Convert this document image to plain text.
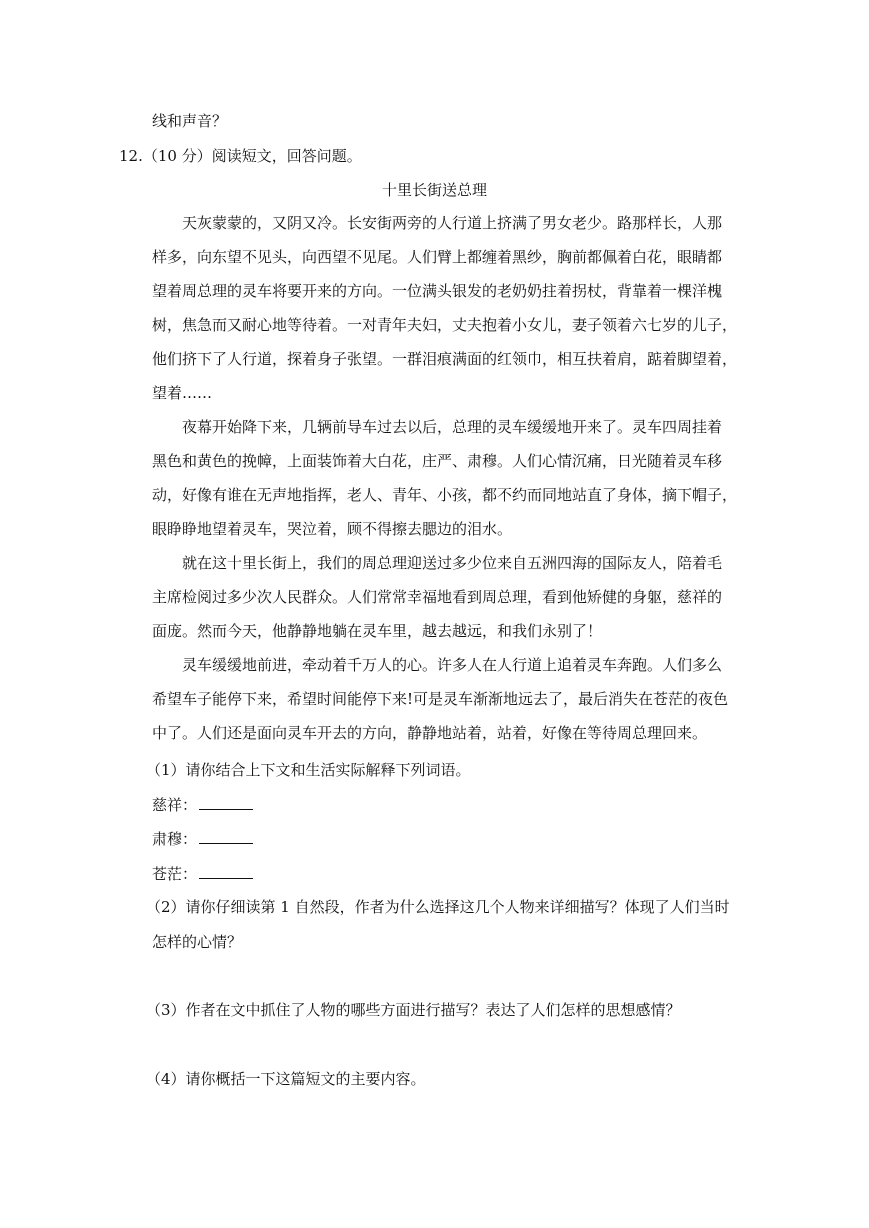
线和声音？
12.（10 分）阅读短文，回答问题。
十里长街送总理
天灰蒙蒙的，又阴又冷。长安街两旁的人行道上挤满了男女老少。路那样长，人那
样多，向东望不见头，向西望不见尾。人们臂上都缠着黑纱，胸前都佩着白花，眼睛都
望着周总理的灵车将要开来的方向。一位满头银发的老奶奶拄着拐杖，背靠着一棵洋槐
树，焦急而又耐心地等待着。一对青年夫妇，丈夫抱着小女儿，妻子领着六七岁的儿子，
他们挤下了人行道，探着身子张望。一群泪痕满面的红领巾，相互扶着肩，踮着脚望着，
望着……
夜幕开始降下来，几辆前导车过去以后，总理的灵车缓缓地开来了。灵车四周挂着
黑色和黄色的挽幛，上面装饰着大白花，庄严、肃穆。人们心情沉痛，日光随着灵车移
动，好像有谁在无声地指挥，老人、青年、小孩，都不约而同地站直了身体，摘下帽子，
眼睁睁地望着灵车，哭泣着，顾不得擦去腮边的泪水。
就在这十里长街上，我们的周总理迎送过多少位来自五洲四海的国际友人，陪着毛
主席检阅过多少次人民群众。人们常常幸福地看到周总理，看到他矫健的身躯，慈祥的
面庞。然而今天，他静静地躺在灵车里，越去越远，和我们永别了！
灵车缓缓地前进，牵动着千万人的心。许多人在人行道上追着灵车奔跑。人们多么
希望车子能停下来，希望时间能停下来!可是灵车渐渐地远去了，最后消失在苍茫的夜色
中了。人们还是面向灵车开去的方向，静静地站着，站着，好像在等待周总理回来。
（1）请你结合上下文和生活实际解释下列词语。
慈祥：
肃穆：
苍茫：
（2）请你仔细读第 1 自然段，作者为什么选择这几个人物来详细描写？体现了人们当时
怎样的心情？
（3）作者在文中抓住了人物的哪些方面进行描写？表达了人们怎样的思想感情？
（4）请你概括一下这篇短文的主要内容。
